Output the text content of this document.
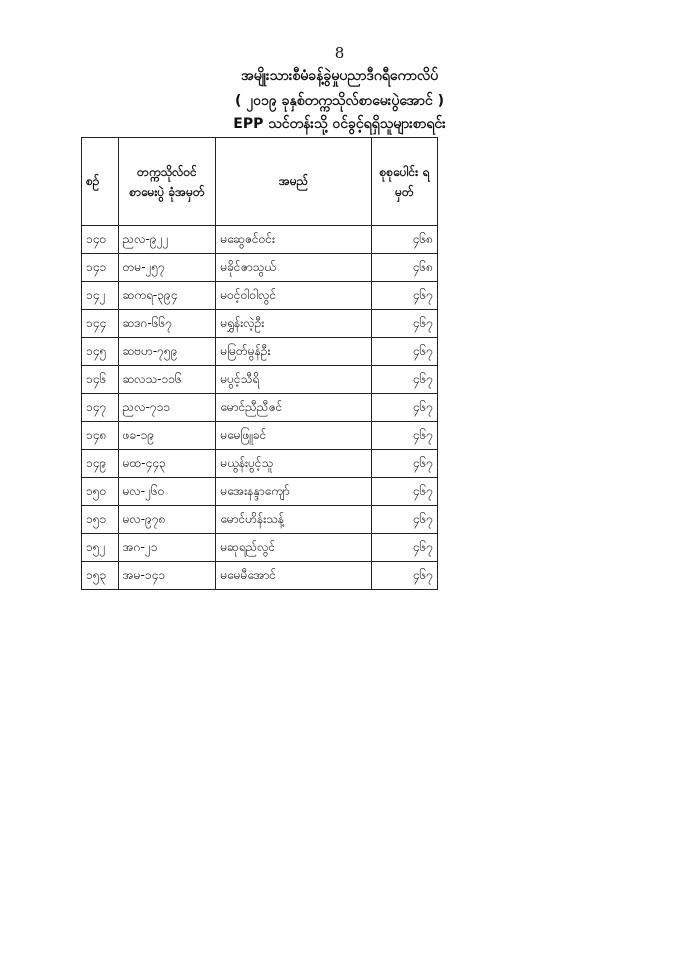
8
အမျိုးသားစီမံခန့်ခွဲမှုပညာဒီဂရီကောလိပ်
( ၂၀၁၉ ခုနှစ်တက္ကသိုလ်စာမေးပွဲအောင် )
EPP သင်တန်းသို့ ဝင်ခွင့်ရရှိသူများစာရင်း
စဉ်	တက္ကသိုလ်ဝင် စာမေးပွဲ ခုံအမှတ်	အမည်	စုစုပေါင်း ရမှတ်
၁၄၀	ညလ-၉၂၂	မဆွေဇင်ဝင်း	၄၆၈
၁၄၁	တမ-၂၅၇	မခိုင်ဇာသွယ်	၄၆၈
၁၄၂	ဆကရ-၃၉၄	မဝင့်ဝါဝါလွင်	၄၆၇
၁၄၄	ဆဒဂ-၆၆၇	မရွှန်းလဲ့ဦး	၄၆၇
၁၄၅	ဆဗဟ-၇၅၉	မမြတ်မွန်ဦး	၄၆၇
၁၄၆	ဆလသ-၁၁၆	မပွင့်သီရိ	၄၆၇
၁၄၇	ညလ-၇၁၁	မောင်ညီညီဇင်	၄၆၇
၁၄၈	ဖခ-၁၉	မမေဖြူခင်	၄၆၇
၁၄၉	မထ-၄၄၃	မယွန်းပွင့်သူ	၄၆၇
၁၅၀	မလ-၂၆၀	မအေးနန္ဒာကျော်	၄၆၇
၁၅၁	မလ-၉၇၈	မောင်ဟိန်းသန့်	၄၆၇
၁၅၂	အဂ-၂၁	မဆုရည်လွင်	၄၆၇
၁၅၃	အမ-၁၄၁	မမေမီအောင်	၄၆၇
